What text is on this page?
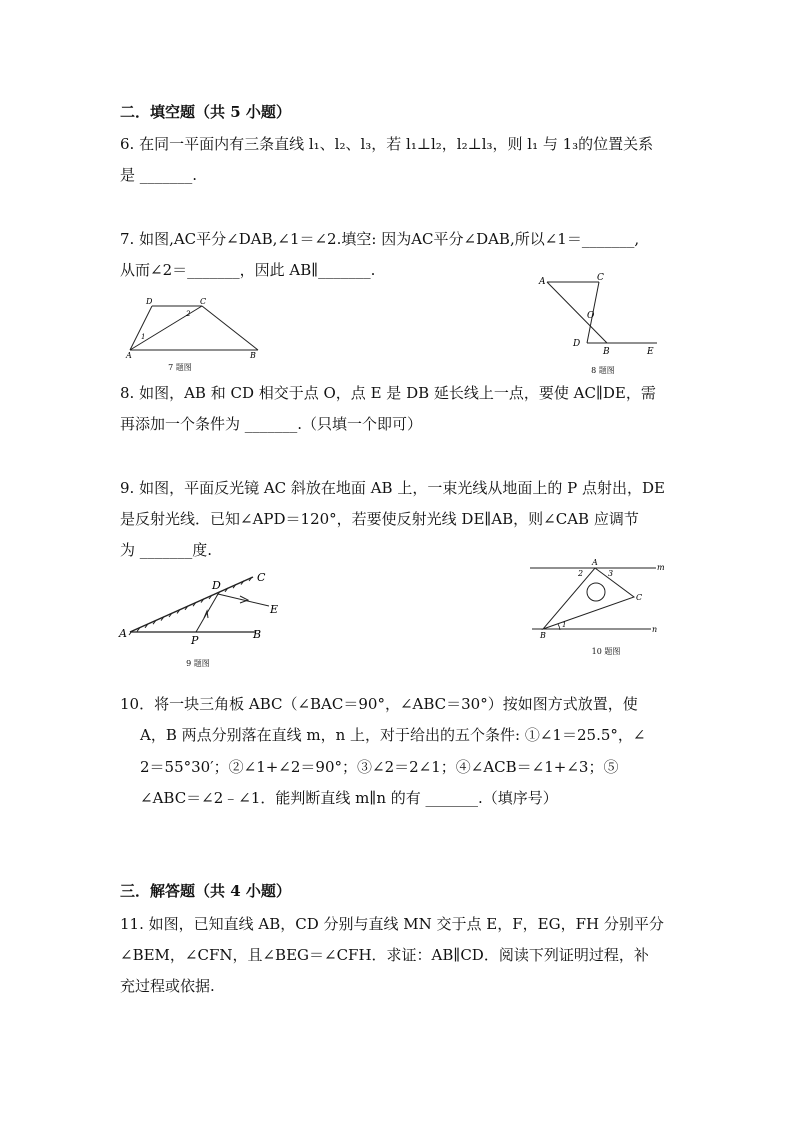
二．填空题（共 5 小题）
6. 在同一平面内有三条直线 l₁、l₂、l₃，若 l₁⊥l₂，l₂⊥l₃，则 l₁ 与 1₃的位置关系
是 _______.
7. 如图,AC平分∠DAB,∠1＝∠2.填空: 因为AC平分∠DAB,所以∠1＝_______,
从而∠2＝_______，因此 AB∥_______.
D	C
A	B
1
2
7 题图
A	C
O
D
B	E
8 题图
8. 如图，AB 和 CD 相交于点 O，点 E 是 DB 延长线上一点，要使 AC∥DE，需
再添加一个条件为 _______.（只填一个即可）
9. 如图，平面反光镜 AC 斜放在地面 AB 上，一束光线从地面上的 P 点射出，DE
是反射光线．已知∠APD＝120°，若要使反射光线 DE∥AB，则∠CAB 应调节
为 _______度.
D
C
E
A
P	B
9 题图
A
2	3
m
C
B
1	n
10 题图
10．将一块三角板 ABC（∠BAC＝90°，∠ABC＝30°）按如图方式放置，使
A，B 两点分别落在直线 m，n 上，对于给出的五个条件: ①∠1＝25.5°，∠
2＝55°30′；②∠1+∠2＝90°；③∠2＝2∠1；④∠ACB＝∠1+∠3；⑤
∠ABC＝∠2﹣∠1．能判断直线 m∥n 的有 _______.（填序号）
三．解答题（共 4 小题）
11. 如图，已知直线 AB，CD 分别与直线 MN 交于点 E，F，EG，FH 分别平分
∠BEM，∠CFN，且∠BEG＝∠CFH．求证：AB∥CD．阅读下列证明过程，补
充过程或依据.
